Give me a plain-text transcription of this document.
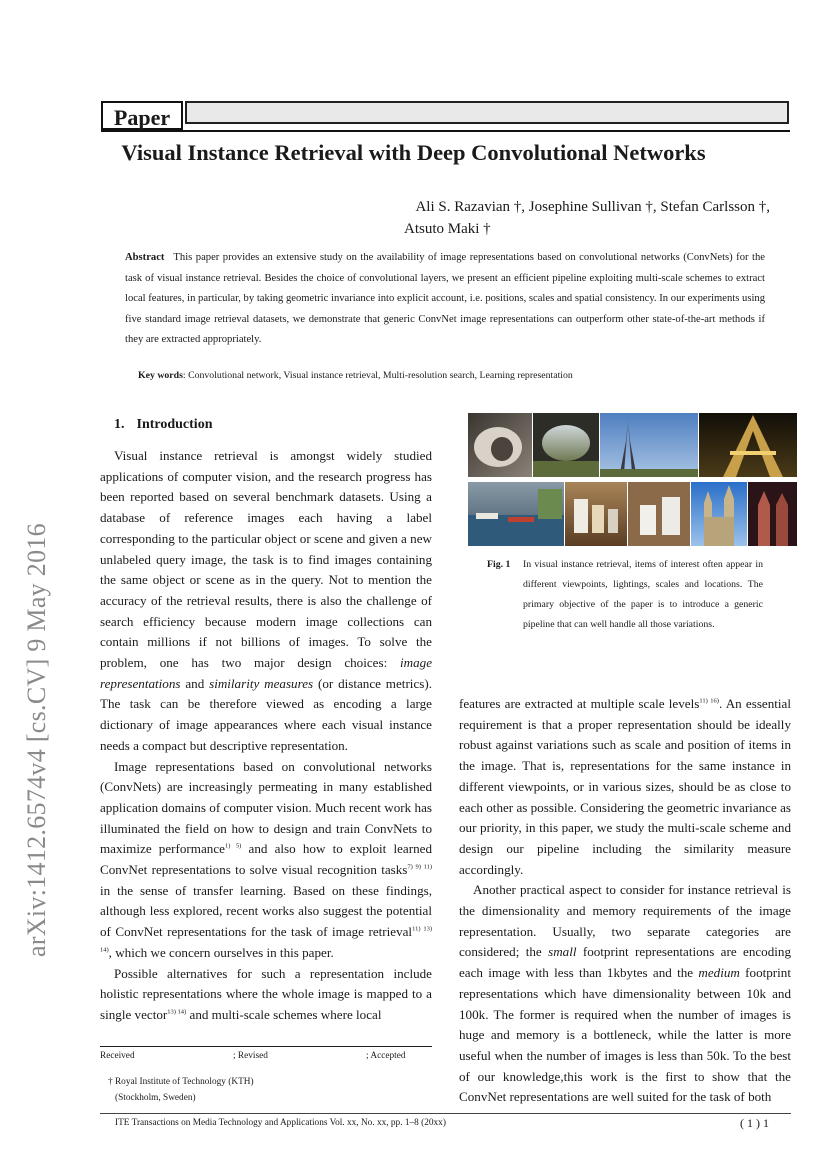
Paper
Visual Instance Retrieval with Deep Convolutional Networks
Ali S. Razavian †, Josephine Sullivan †, Stefan Carlsson †,
Atsuto Maki †
Abstract This paper provides an extensive study on the availability of image representations based on convolutional networks (ConvNets) for the task of visual instance retrieval. Besides the choice of convolutional layers, we present an efficient pipeline exploiting multi-scale schemes to extract local features, in particular, by taking geometric invariance into explicit account, i.e. positions, scales and spatial consistency. In our experiments using five standard image retrieval datasets, we demonstrate that generic ConvNet image representations can outperform other state-of-the-art methods if they are extracted appropriately.
Key words: Convolutional network, Visual instance retrieval, Multi-resolution search, Learning representation
arXiv:1412.6574v4 [cs.CV] 9 May 2016
1. Introduction

Visual instance retrieval is amongst widely studied applications of computer vision, and the research progress has been reported based on several benchmark datasets. Using a database of reference images each having a label corresponding to the particular object or scene and given a new unlabeled query image, the task is to find images containing the same object or scene as in the query. Not to mention the accuracy of the retrieval results, there is also the challenge of search efficiency because modern image collections can contain millions if not billions of images. To solve the problem, one has two major design choices: image representations and similarity measures (or distance metrics). The task can be therefore viewed as encoding a large dictionary of image appearances where each visual instance needs a compact but descriptive representation.

Image representations based on convolutional networks (ConvNets) are increasingly permeating in many established application domains of computer vision. Much recent work has illuminated the field on how to design and train ConvNets to maximize performance$^{1) 5)}$ and also how to exploit learned ConvNet representations to solve visual recognition tasks$^{7) 9) 11)}$ in the sense of transfer learning. Based on these findings, although less explored, recent works also suggest the potential of ConvNet representations for the task of image retrieval$^{11) 13) 14)}$, which we concern ourselves in this paper.

Possible alternatives for such a representation include holistic representations where the whole image is mapped to a single vector$^{13) 14)}$ and multi-scale schemes where local

Fig. 1 In visual instance retrieval, items of interest often appear in different viewpoints, lightings, scales and locations. The primary objective of the paper is to introduce a generic pipeline that can well handle all those variations.

features are extracted at multiple scale levels$^{11) 16)}$. An essential requirement is that a proper representation should be ideally robust against variations such as scale and position of items in the image. That is, representations for the same instance in different viewpoints, or in various sizes, should be as close to each other as possible. Considering the geometric invariance as our priority, in this paper, we study the multi-scale scheme and design our pipeline including the similarity measure accordingly.

Another practical aspect to consider for instance retrieval is the dimensionality and memory requirements of the image representation. Usually, two separate categories are considered; the small footprint representations are encoding each image with less than 1kbytes and the medium footprint representations which have dimensionality between 10k and 100k. The former is required when the number of images is huge and memory is a bottleneck, while the latter is more useful when the number of images is less than 50k. To the best of our knowledge,this work is the first to show that the ConvNet representations are well suited for the task of both

Received	; Revised	; Accepted
† Royal Institute of Technology (KTH)
(Stockholm, Sweden)
ITE Transactions on Media Technology and Applications Vol. xx, No. xx, pp. 1–8 (20xx)	( 1 ) 1
